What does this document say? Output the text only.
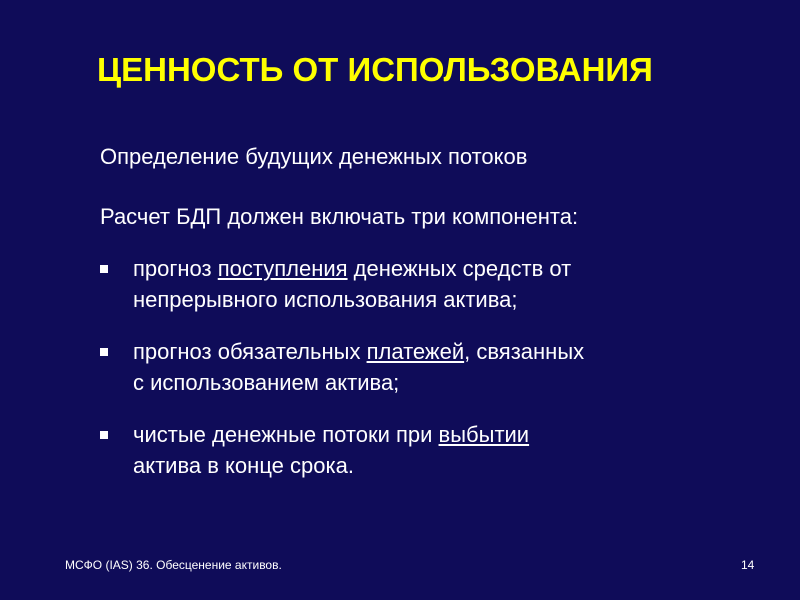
ЦЕННОСТЬ ОТ ИСПОЛЬЗОВАНИЯ
Определение будущих денежных потоков
Расчет БДП должен включать три компонента:
прогноз поступления денежных средств от
непрерывного использования актива;
прогноз обязательных платежей, связанных
с использованием актива;
чистые денежные потоки при выбытии
актива в конце срока.
МСФО (IAS) 36. Обесценение активов.	14
